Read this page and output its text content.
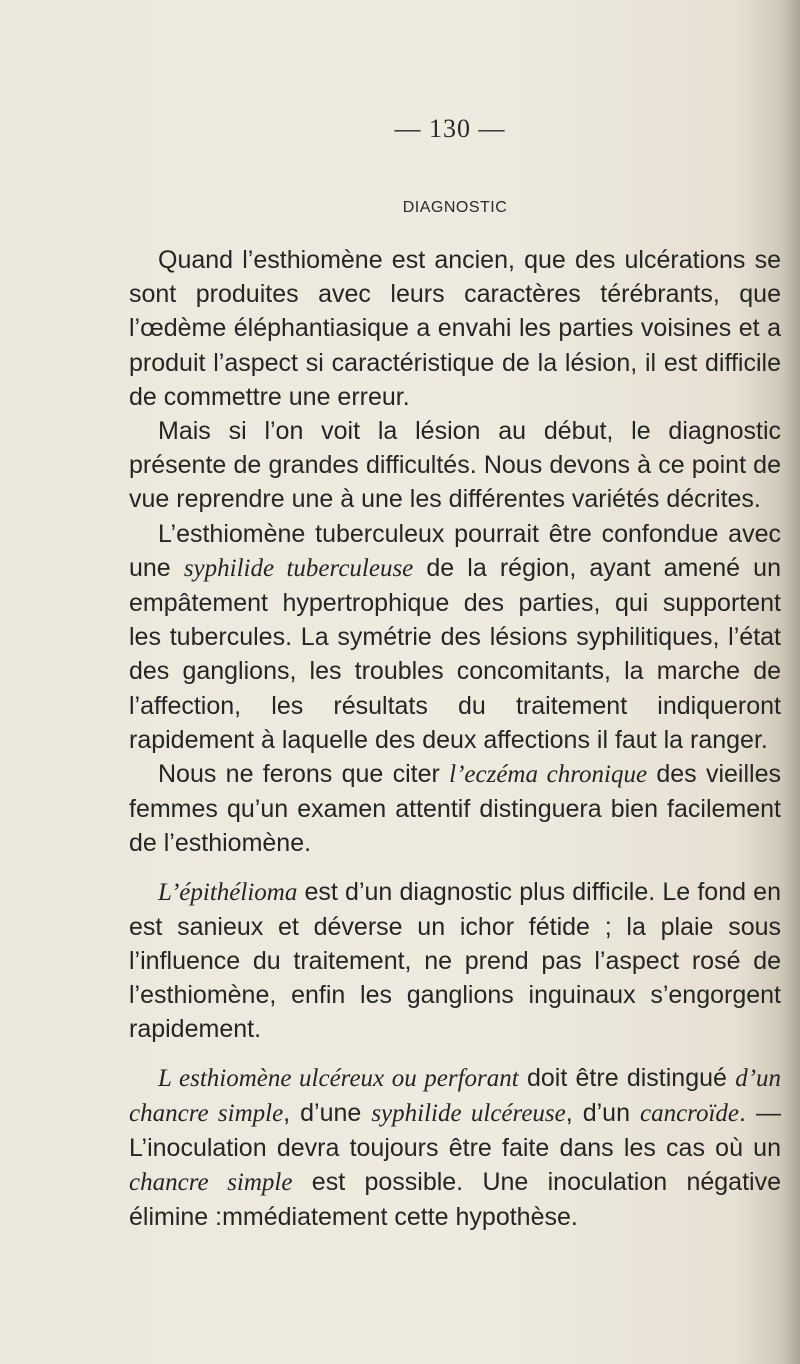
— 130 —
DIAGNOSTIC

Quand l’esthiomène est ancien, que des ulcérations se sont produites avec leurs caractères térébrants, que l’œdème éléphantiasique a envahi les parties voisines et a produit l’aspect si caractéristique de la lésion, il est difficile de commettre une erreur.

Mais si l’on voit la lésion au début, le diagnostic présente de grandes difficultés. Nous devons à ce point de vue reprendre une à une les différentes variétés décrites.

L’esthiomène tuberculeux pourrait être confondue avec une syphilide tuberculeuse de la région, ayant amené un empâtement hypertrophique des parties, qui supportent les tubercules. La symétrie des lésions syphilitiques, l’état des ganglions, les troubles concomitants, la marche de l’affection, les résultats du traitement indiqueront rapidement à laquelle des deux affections il faut la ranger.

Nous ne ferons que citer l’eczéma chronique des vieilles femmes qu’un examen attentif distinguera bien facilement de l’esthiomène.

L’épithélioma est d’un diagnostic plus difficile. Le fond en est sanieux et déverse un ichor fétide ; la plaie sous l’influence du traitement, ne prend pas l’aspect rosé de l’esthiomène, enfin les ganglions inguinaux s’engorgent rapidement.

L esthiomène ulcéreux ou perforant doit être distingué d’un chancre simple, d’une syphilide ulcéreuse, d’un cancroïde. — L’inoculation devra toujours être faite dans les cas où un chancre simple est possible. Une inoculation négative élimine :mmédiatement cette hypothèse.
